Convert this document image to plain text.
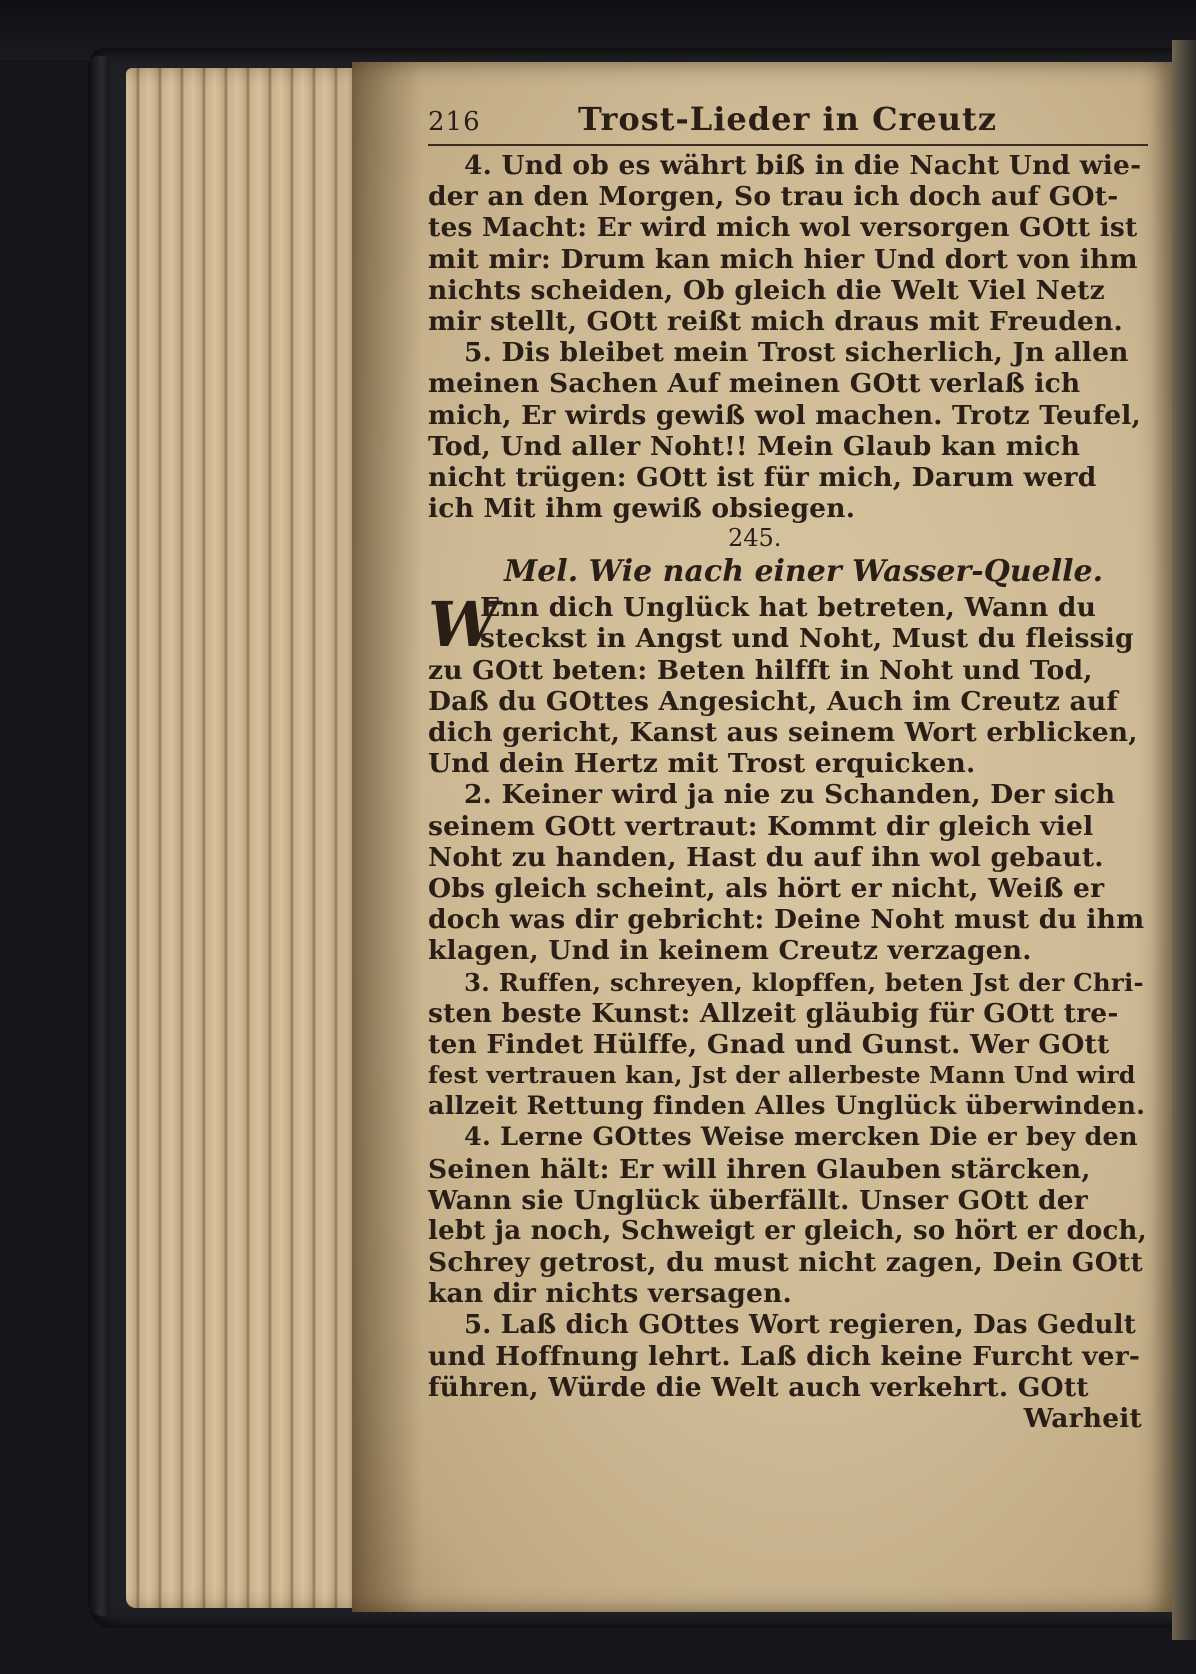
216	Trost-Lieder in Creutz
4. Und ob es währt biß in die Nacht Und wie-
der an den Morgen, So trau ich doch auf GOt-
tes Macht: Er wird mich wol versorgen GOtt ist
mit mir: Drum kan mich hier Und dort von ihm
nichts scheiden, Ob gleich die Welt Viel Netz
mir stellt, GOtt reißt mich draus mit Freuden.
5. Dis bleibet mein Trost sicherlich, Jn allen
meinen Sachen Auf meinen GOtt verlaß ich
mich, Er wirds gewiß wol machen. Trotz Teufel,
Tod, Und aller Noht!! Mein Glaub kan mich
nicht trügen: GOtt ist für mich, Darum werd
ich Mit ihm gewiß obsiegen.
245.
Mel. Wie nach einer Wasser-Quelle.
W
Enn dich Unglück hat betreten, Wann du
steckst in Angst und Noht, Must du fleissig
zu GOtt beten: Beten hilfft in Noht und Tod,
Daß du GOttes Angesicht, Auch im Creutz auf
dich gericht, Kanst aus seinem Wort erblicken,
Und dein Hertz mit Trost erquicken.
2. Keiner wird ja nie zu Schanden, Der sich
seinem GOtt vertraut: Kommt dir gleich viel
Noht zu handen, Hast du auf ihn wol gebaut.
Obs gleich scheint, als hört er nicht, Weiß er
doch was dir gebricht: Deine Noht must du ihm
klagen, Und in keinem Creutz verzagen.
3. Ruffen, schreyen, klopffen, beten Jst der Chri-
sten beste Kunst: Allzeit gläubig für GOtt tre-
ten Findet Hülffe, Gnad und Gunst. Wer GOtt
fest vertrauen kan, Jst der allerbeste Mann Und wird
allzeit Rettung finden Alles Unglück überwinden.
4. Lerne GOttes Weise mercken Die er bey den
Seinen hält: Er will ihren Glauben stärcken,
Wann sie Unglück überfällt. Unser GOtt der
lebt ja noch, Schweigt er gleich, so hört er doch,
Schrey getrost, du must nicht zagen, Dein GOtt
kan dir nichts versagen.
5. Laß dich GOttes Wort regieren, Das Gedult
und Hoffnung lehrt. Laß dich keine Furcht ver-
führen, Würde die Welt auch verkehrt. GOtt
Warheit
